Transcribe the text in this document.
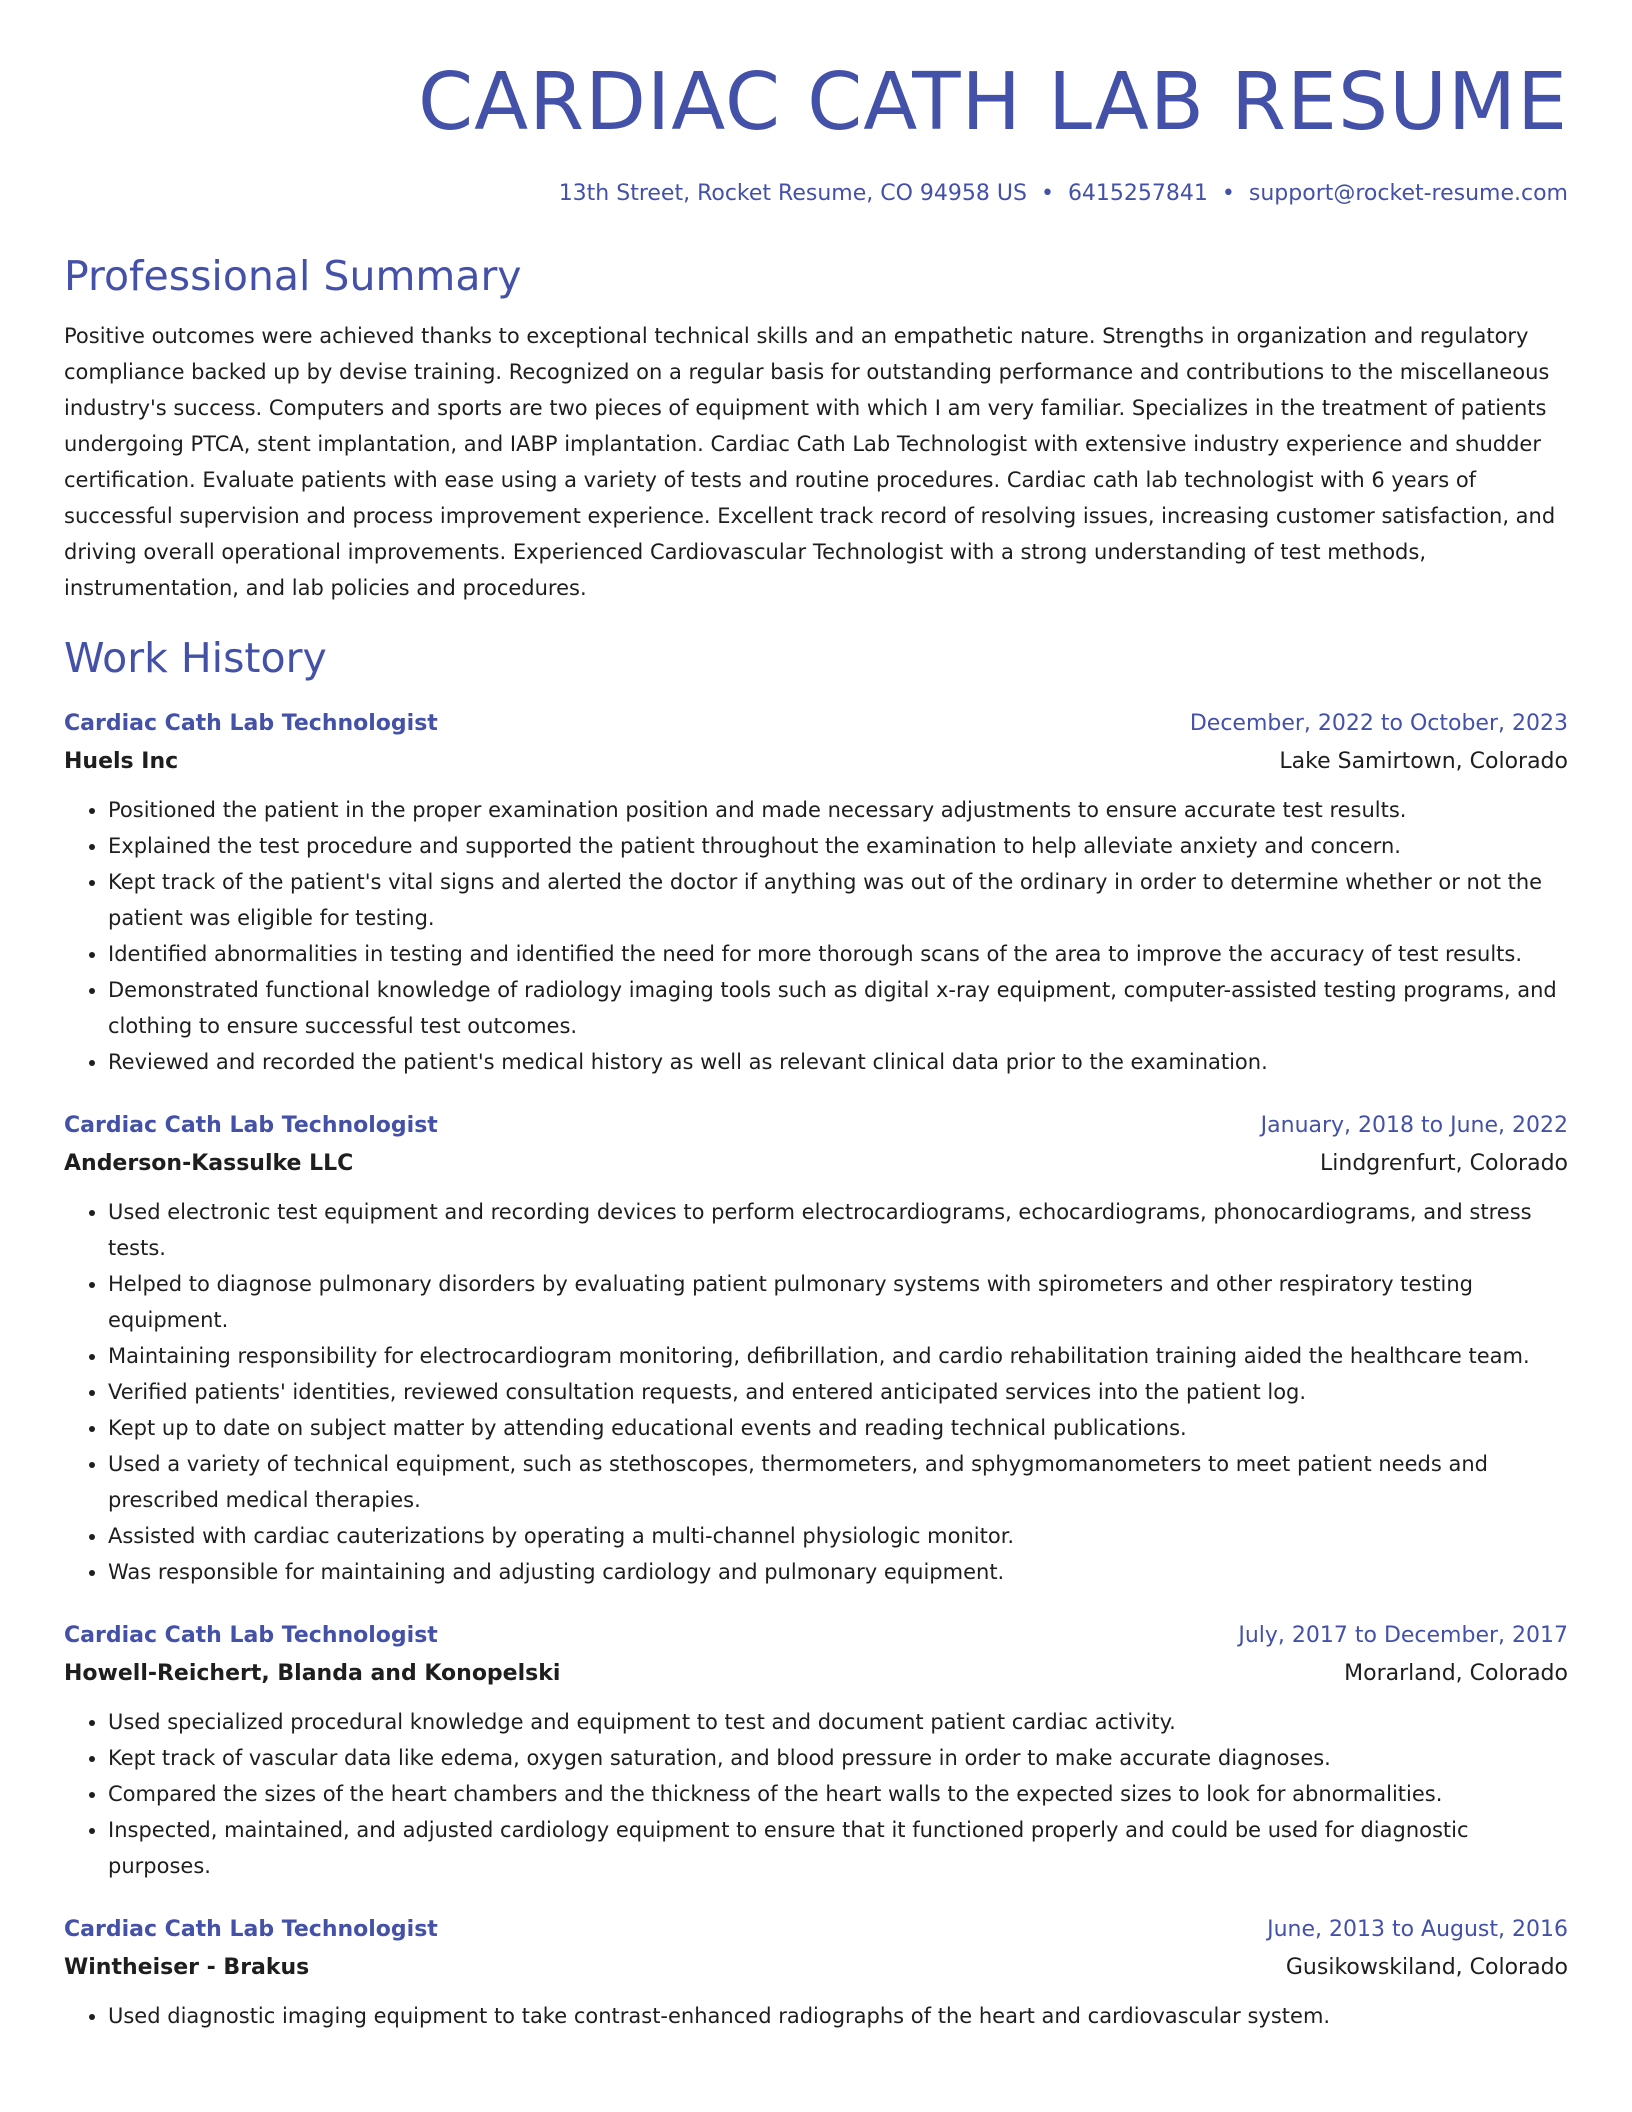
CARDIAC CATH LAB RESUME
13th Street, Rocket Resume, CO 94958 US • 6415257841 • support@rocket-resume.com
Professional Summary

Positive outcomes were achieved thanks to exceptional technical skills and an empathetic nature. Strengths in organization and regulatory compliance backed up by devise training. Recognized on a regular basis for outstanding performance and contributions to the miscellaneous industry's success. Computers and sports are two pieces of equipment with which I am very familiar. Specializes in the treatment of patients undergoing PTCA, stent implantation, and IABP implantation. Cardiac Cath Lab Technologist with extensive industry experience and shudder certification. Evaluate patients with ease using a variety of tests and routine procedures. Cardiac cath lab technologist with 6 years of successful supervision and process improvement experience. Excellent track record of resolving issues, increasing customer satisfaction, and driving overall operational improvements. Experienced Cardiovascular Technologist with a strong understanding of test methods, instrumentation, and lab policies and procedures.

Work History
Cardiac Cath Lab Technologist	December, 2022 to October, 2023
Huels Inc	Lake Samirtown, Colorado
• Positioned the patient in the proper examination position and made necessary adjustments to ensure accurate test results.
• Explained the test procedure and supported the patient throughout the examination to help alleviate anxiety and concern.
• Kept track of the patient's vital signs and alerted the doctor if anything was out of the ordinary in order to determine whether or not the patient was eligible for testing.
• Identified abnormalities in testing and identified the need for more thorough scans of the area to improve the accuracy of test results.
• Demonstrated functional knowledge of radiology imaging tools such as digital x-ray equipment, computer-assisted testing programs, and clothing to ensure successful test outcomes.
• Reviewed and recorded the patient's medical history as well as relevant clinical data prior to the examination.
Cardiac Cath Lab Technologist	January, 2018 to June, 2022
Anderson-Kassulke LLC	Lindgrenfurt, Colorado
• Used electronic test equipment and recording devices to perform electrocardiograms, echocardiograms, phonocardiograms, and stress tests.
• Helped to diagnose pulmonary disorders by evaluating patient pulmonary systems with spirometers and other respiratory testing equipment.
• Maintaining responsibility for electrocardiogram monitoring, defibrillation, and cardio rehabilitation training aided the healthcare team.
• Verified patients' identities, reviewed consultation requests, and entered anticipated services into the patient log.
• Kept up to date on subject matter by attending educational events and reading technical publications.
• Used a variety of technical equipment, such as stethoscopes, thermometers, and sphygmomanometers to meet patient needs and prescribed medical therapies.
• Assisted with cardiac cauterizations by operating a multi-channel physiologic monitor.
• Was responsible for maintaining and adjusting cardiology and pulmonary equipment.
Cardiac Cath Lab Technologist	July, 2017 to December, 2017
Howell-Reichert, Blanda and Konopelski	Morarland, Colorado
• Used specialized procedural knowledge and equipment to test and document patient cardiac activity.
• Kept track of vascular data like edema, oxygen saturation, and blood pressure in order to make accurate diagnoses.
• Compared the sizes of the heart chambers and the thickness of the heart walls to the expected sizes to look for abnormalities.
• Inspected, maintained, and adjusted cardiology equipment to ensure that it functioned properly and could be used for diagnostic purposes.
Cardiac Cath Lab Technologist	June, 2013 to August, 2016
Wintheiser - Brakus	Gusikowskiland, Colorado
• Used diagnostic imaging equipment to take contrast-enhanced radiographs of the heart and cardiovascular system.
